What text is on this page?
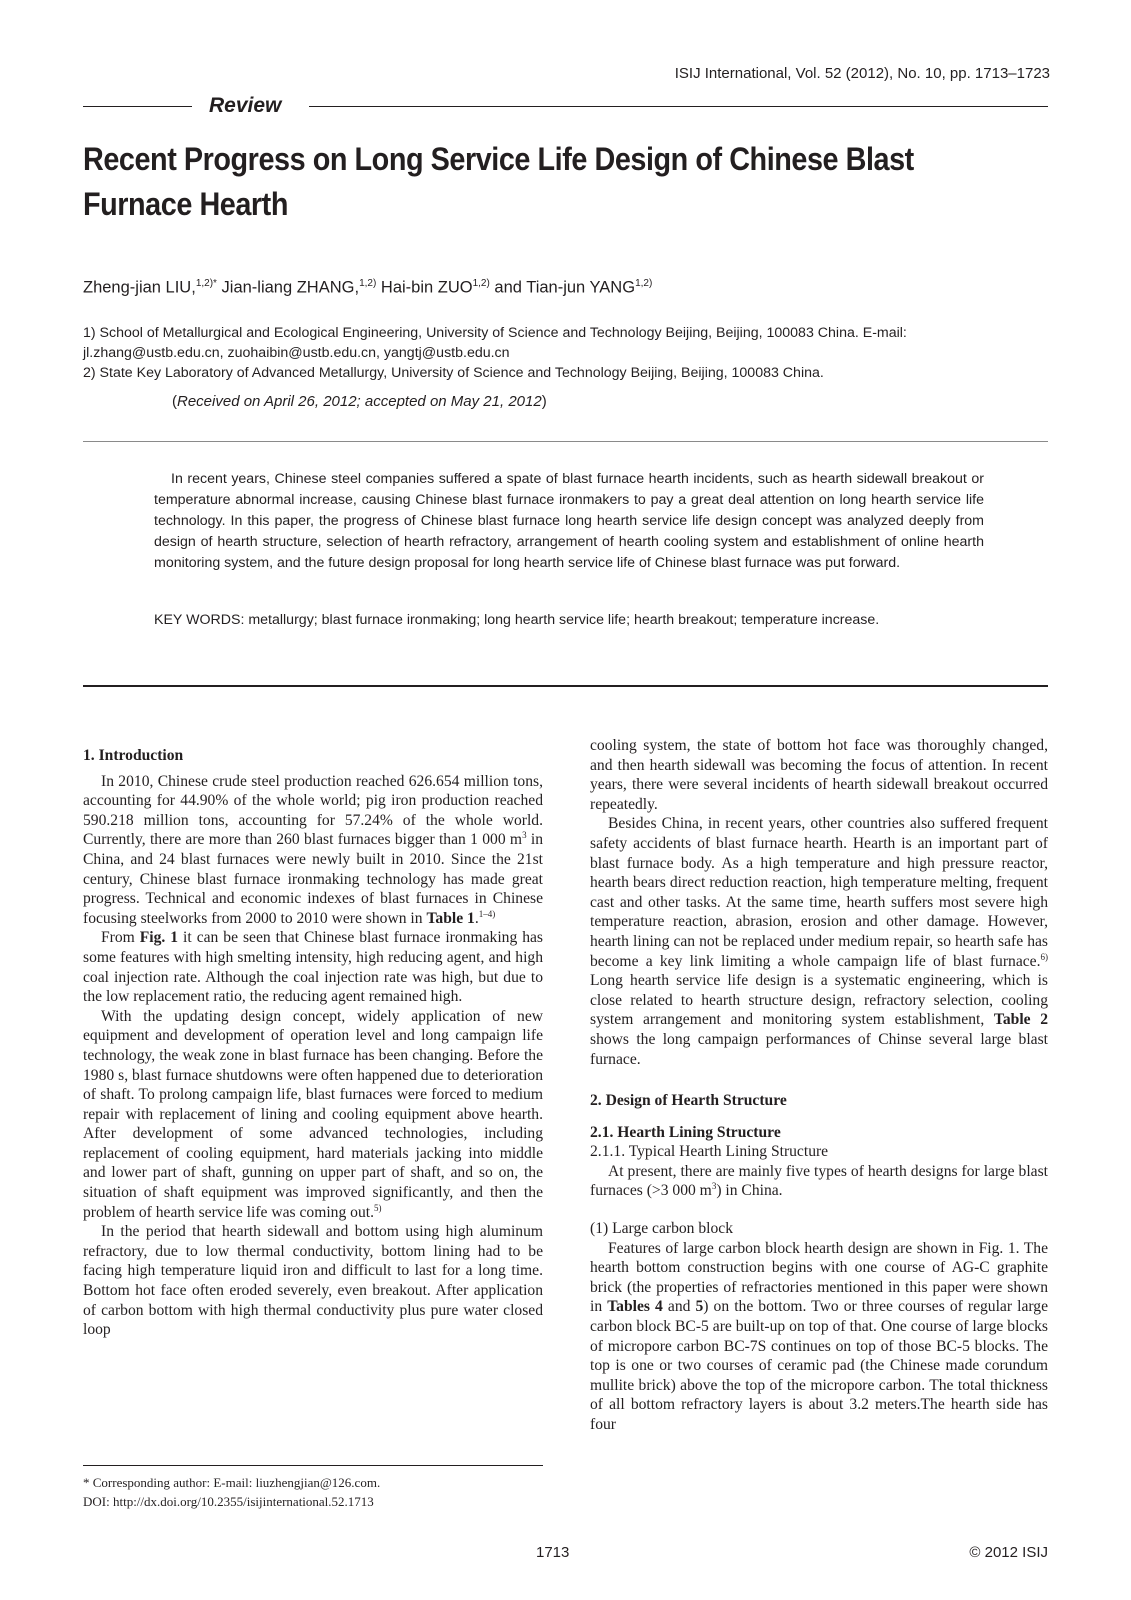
ISIJ International, Vol. 52 (2012), No. 10, pp. 1713–1723
Review
Recent Progress on Long Service Life Design of Chinese Blast Furnace Hearth
Zheng-jian LIU,$^{1,2)*}$ Jian-liang ZHANG,$^{1,2)}$ Hai-bin ZUO$^{1,2)}$ and Tian-jun YANG$^{1,2)}$
1) School of Metallurgical and Ecological Engineering, University of Science and Technology Beijing, Beijing, 100083 China. E-mail: jl.zhang@ustb.edu.cn, zuohaibin@ustb.edu.cn, yangtj@ustb.edu.cn
2) State Key Laboratory of Advanced Metallurgy, University of Science and Technology Beijing, Beijing, 100083 China.
(Received on April 26, 2012; accepted on May 21, 2012)

In recent years, Chinese steel companies suffered a spate of blast furnace hearth incidents, such as hearth sidewall breakout or temperature abnormal increase, causing Chinese blast furnace ironmakers to pay a great deal attention on long hearth service life technology. In this paper, the progress of Chinese blast furnace long hearth service life design concept was analyzed deeply from design of hearth structure, selection of hearth refractory, arrangement of hearth cooling system and establishment of online hearth monitoring system, and the future design proposal for long hearth service life of Chinese blast furnace was put forward.

KEY WORDS: metallurgy; blast furnace ironmaking; long hearth service life; hearth breakout; temperature increase.
1. Introduction

In 2010, Chinese crude steel production reached 626.654 million tons, accounting for 44.90% of the whole world; pig iron production reached 590.218 million tons, accounting for 57.24% of the whole world. Currently, there are more than 260 blast furnaces bigger than 1 000 $m^3$ in China, and 24 blast furnaces were newly built in 2010. Since the 21st century, Chinese blast furnace ironmaking technology has made great progress. Technical and economic indexes of blast furnaces in Chinese focusing steelworks from 2000 to 2010 were shown in Table 1.$^{1-4)}$

From Fig. 1 it can be seen that Chinese blast furnace ironmaking has some features with high smelting intensity, high reducing agent, and high coal injection rate. Although the coal injection rate was high, but due to the low replacement ratio, the reducing agent remained high.

With the updating design concept, widely application of new equipment and development of operation level and long campaign life technology, the weak zone in blast furnace has been changing. Before the 1980 s, blast furnace shutdowns were often happened due to deterioration of shaft. To prolong campaign life, blast furnaces were forced to medium repair with replacement of lining and cooling equipment above hearth. After development of some advanced technologies, including replacement of cooling equipment, hard materials jacking into middle and lower part of shaft, gunning on upper part of shaft, and so on, the situation of shaft equipment was improved significantly, and then the problem of hearth service life was coming out.$^{5)}$

In the period that hearth sidewall and bottom using high aluminum refractory, due to low thermal conductivity, bottom lining had to be facing high temperature liquid iron and difficult to last for a long time. Bottom hot face often eroded severely, even breakout. After application of carbon bottom with high thermal conductivity plus pure water closed loop

* Corresponding author: E-mail: liuzhengjian@126.com.
DOI: http://dx.doi.org/10.2355/isijinternational.52.1713

cooling system, the state of bottom hot face was thoroughly changed, and then hearth sidewall was becoming the focus of attention. In recent years, there were several incidents of hearth sidewall breakout occurred repeatedly.

Besides China, in recent years, other countries also suffered frequent safety accidents of blast furnace hearth. Hearth is an important part of blast furnace body. As a high temperature and high pressure reactor, hearth bears direct reduction reaction, high temperature melting, frequent cast and other tasks. At the same time, hearth suffers most severe high temperature reaction, abrasion, erosion and other damage. However, hearth lining can not be replaced under medium repair, so hearth safe has become a key link limiting a whole campaign life of blast furnace.$^{6)}$ Long hearth service life design is a systematic engineering, which is close related to hearth structure design, refractory selection, cooling system arrangement and monitoring system establishment, Table 2 shows the long campaign performances of Chinse several large blast furnace.

2. Design of Hearth Structure
2.1. Hearth Lining Structure
2.1.1. Typical Hearth Lining Structure

At present, there are mainly five types of hearth designs for large blast furnaces (>3 000 $m^3$) in China.

(1) Large carbon block

Features of large carbon block hearth design are shown in Fig. 1. The hearth bottom construction begins with one course of AG-C graphite brick (the properties of refractories mentioned in this paper were shown in Tables 4 and 5) on the bottom. Two or three courses of regular large carbon block BC-5 are built-up on top of that. One course of large blocks of micropore carbon BC-7S continues on top of those BC-5 blocks. The top is one or two courses of ceramic pad (the Chinese made corundum mullite brick) above the top of the micropore carbon. The total thickness of all bottom refractory layers is about 3.2 meters.The hearth side has four

1713	© 2012 ISIJ
